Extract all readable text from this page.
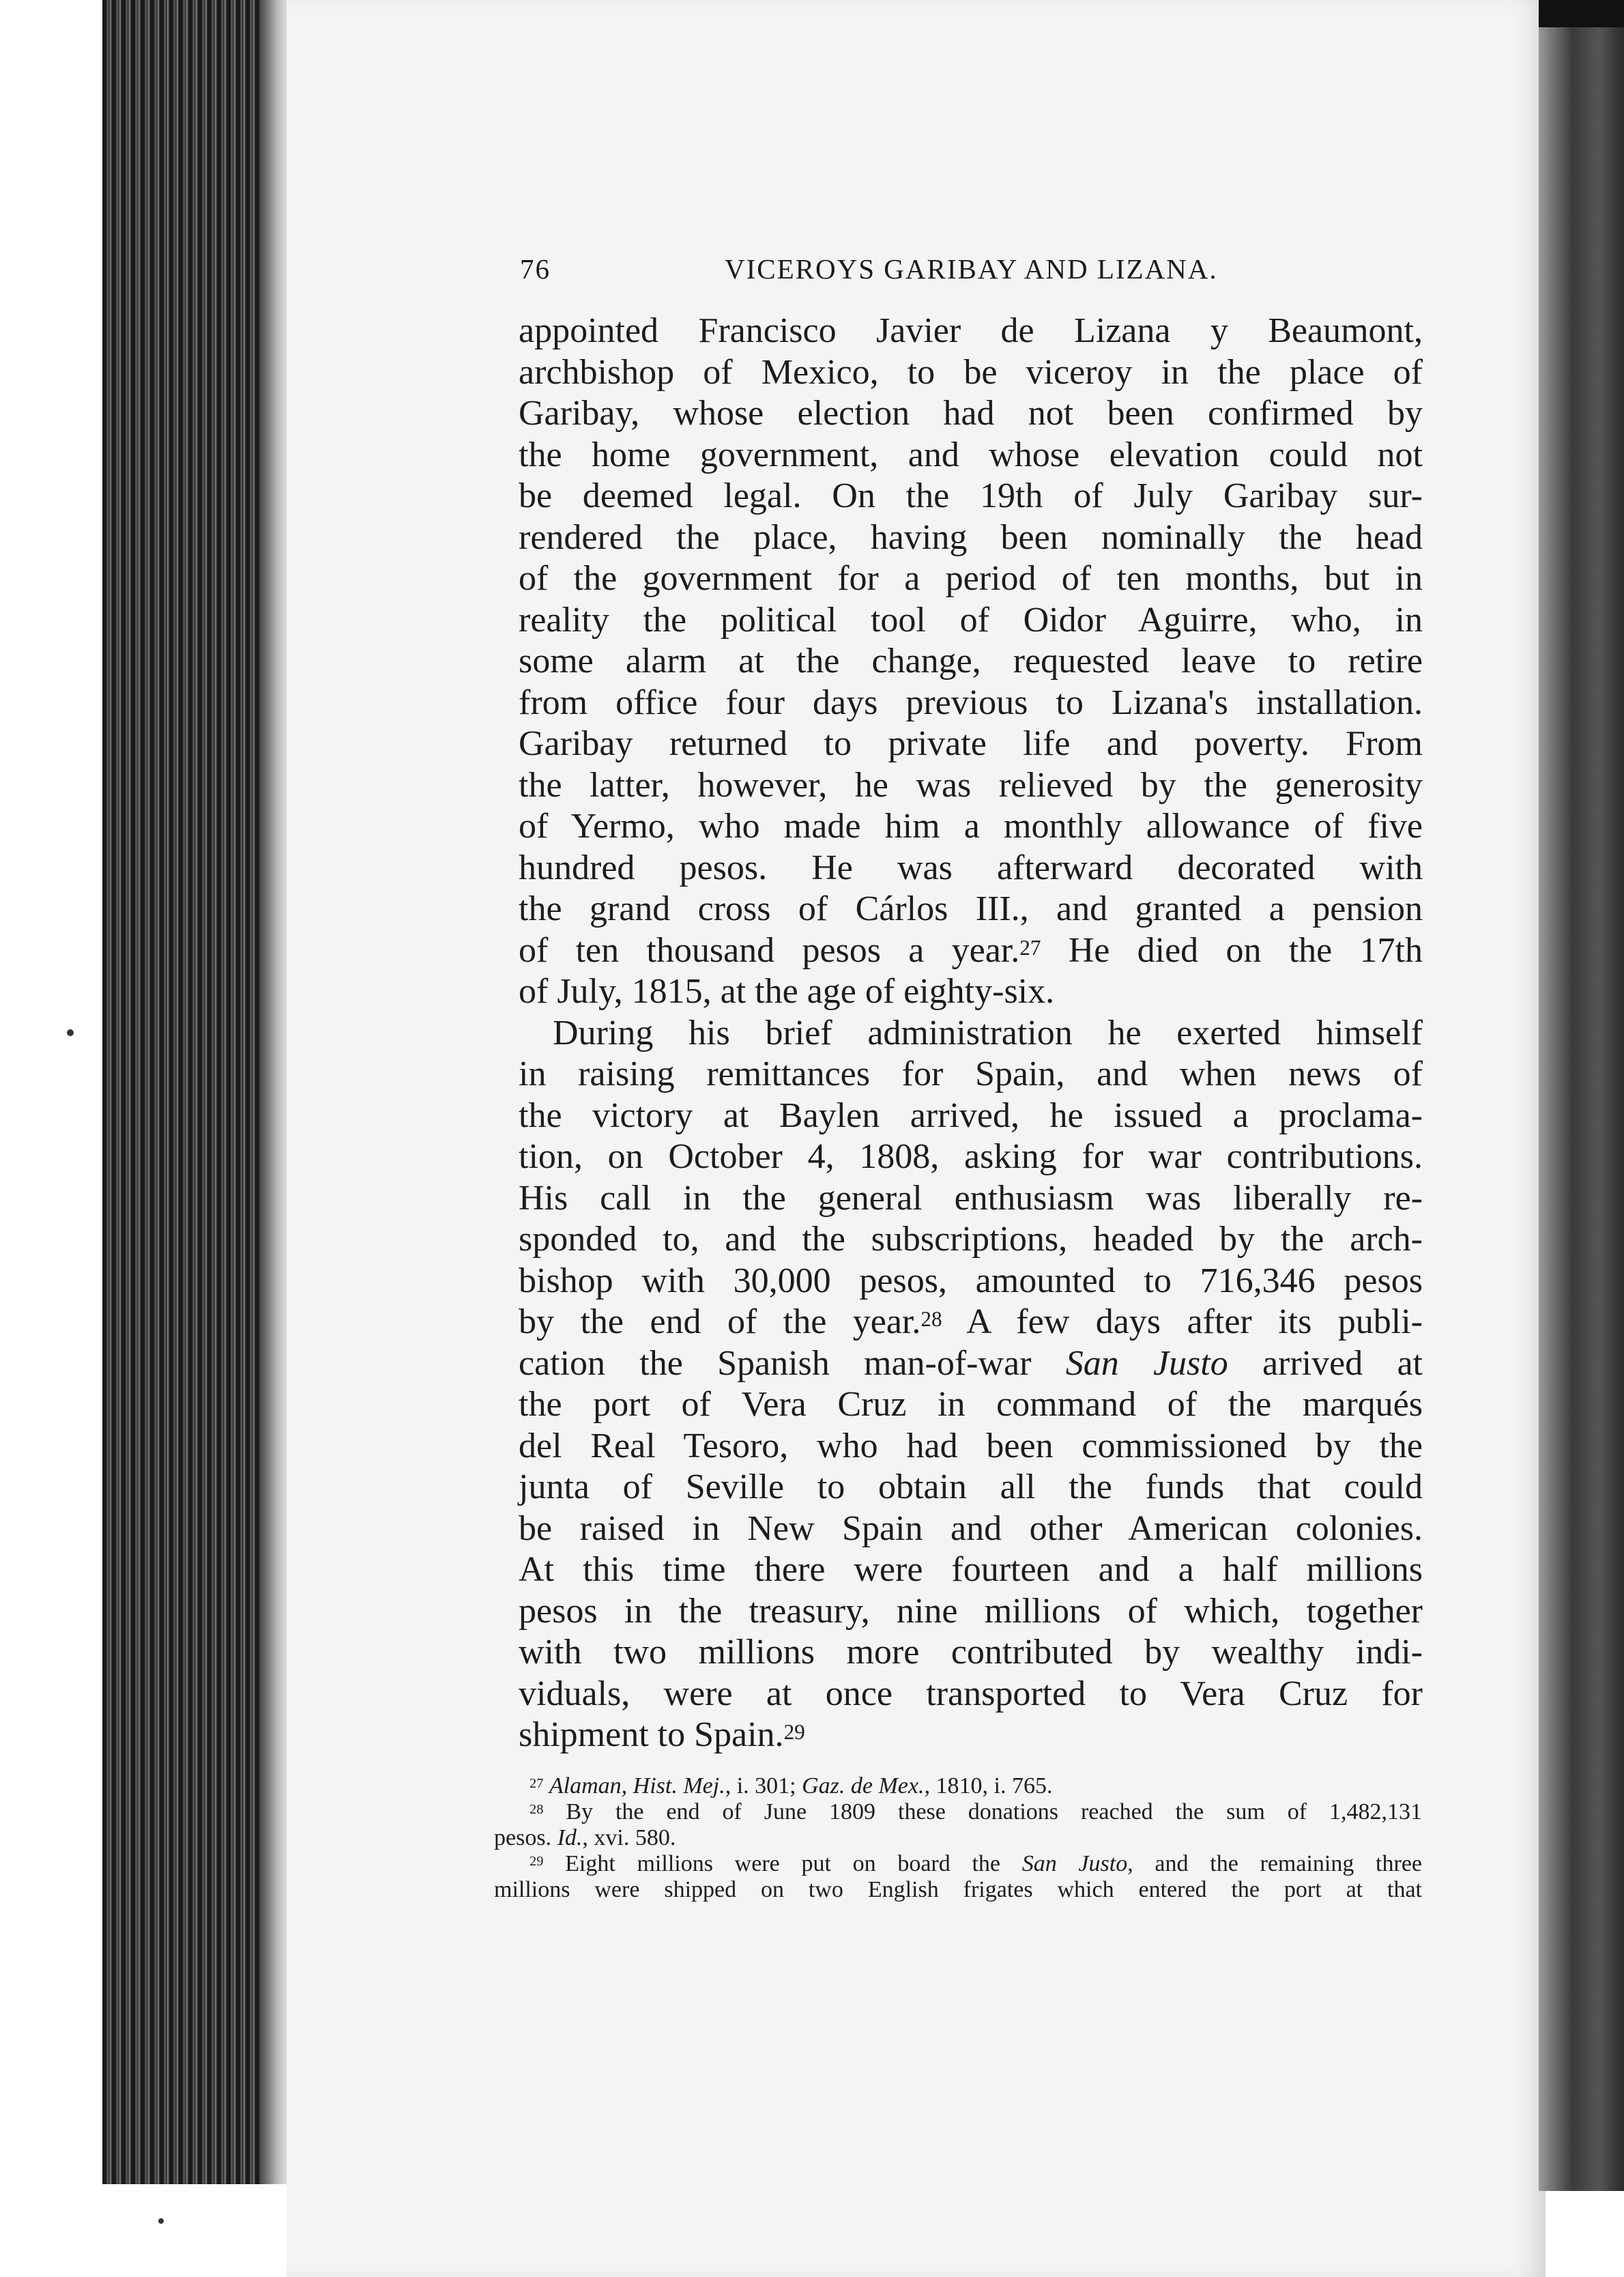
76	VICEROYS GARIBAY AND LIZANA.
appointed Francisco Javier de Lizana y Beaumont,
archbishop of Mexico, to be viceroy in the place of
Garibay, whose election had not been confirmed by
the home government, and whose elevation could not
be deemed legal. On the 19th of July Garibay sur-
rendered the place, having been nominally the head
of the government for a period of ten months, but in
reality the political tool of Oidor Aguirre, who, in
some alarm at the change, requested leave to retire
from office four days previous to Lizana's installation.
Garibay returned to private life and poverty. From
the latter, however, he was relieved by the generosity
of Yermo, who made him a monthly allowance of five
hundred pesos. He was afterward decorated with
the grand cross of Cárlos III., and granted a pension
of ten thousand pesos a year.$^{27}$ He died on the 17th
of July, 1815, at the age of eighty-six.
During his brief administration he exerted himself
in raising remittances for Spain, and when news of
the victory at Baylen arrived, he issued a proclama-
tion, on October 4, 1808, asking for war contributions.
His call in the general enthusiasm was liberally re-
sponded to, and the subscriptions, headed by the arch-
bishop with 30,000 pesos, amounted to 716,346 pesos
by the end of the year.$^{28}$ A few days after its publi-
cation the Spanish man-of-war San Justo arrived at
the port of Vera Cruz in command of the marqués
del Real Tesoro, who had been commissioned by the
junta of Seville to obtain all the funds that could
be raised in New Spain and other American colonies.
At this time there were fourteen and a half millions
pesos in the treasury, nine millions of which, together
with two millions more contributed by wealthy indi-
viduals, were at once transported to Vera Cruz for
shipment to Spain.$^{29}$
$^{27}$ Alaman, Hist. Mej., i. 301; Gaz. de Mex., 1810, i. 765.
$^{28}$ By the end of June 1809 these donations reached the sum of 1,482,131
pesos. Id., xvi. 580.
$^{29}$ Eight millions were put on board the San Justo, and the remaining three
millions were shipped on two English frigates which entered the port at that
